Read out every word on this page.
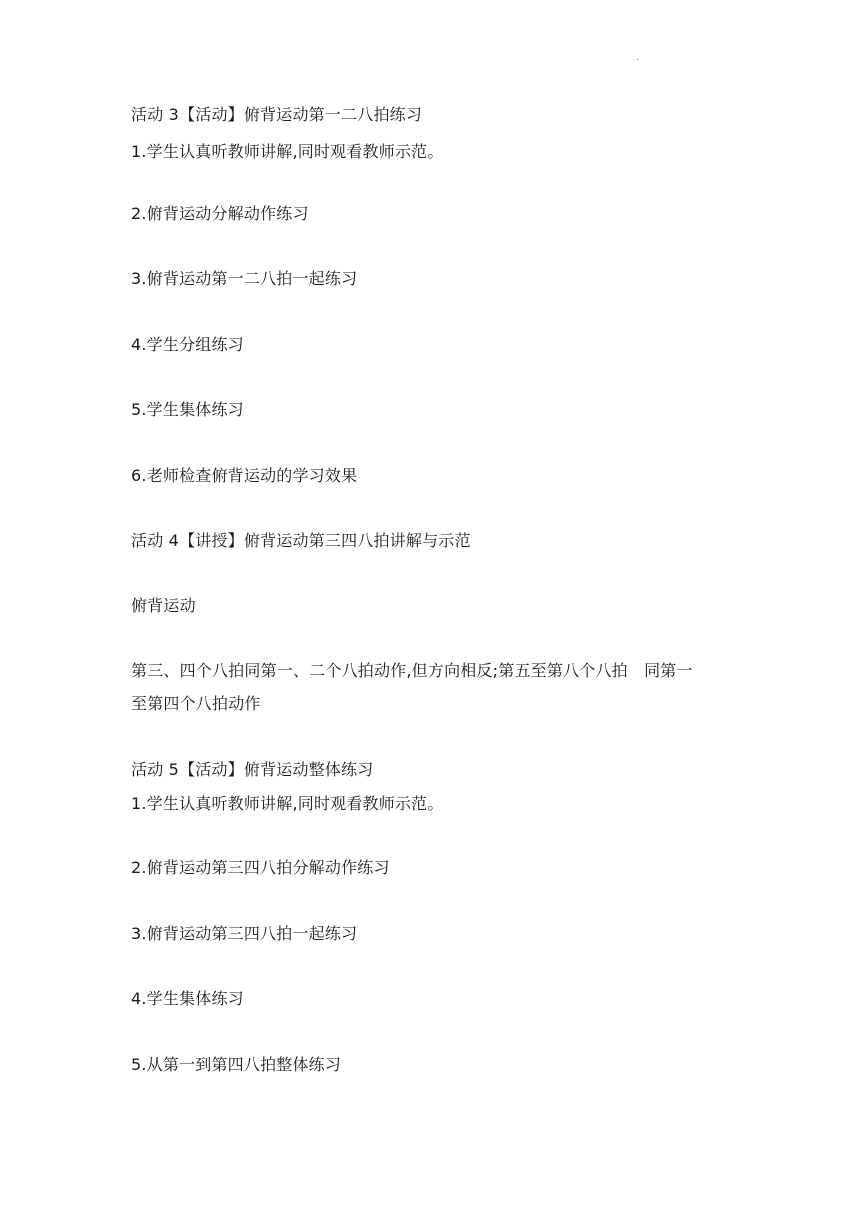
·
活动 3【活动】俯背运动第一二八拍练习
1.学生认真听教师讲解,同时观看教师示范。
2.俯背运动分解动作练习
3.俯背运动第一二八拍一起练习
4.学生分组练习
5.学生集体练习
6.老师检查俯背运动的学习效果
活动 4【讲授】俯背运动第三四八拍讲解与示范
俯背运动
第三、四个八拍同第一、二个八拍动作,但方向相反;第五至第八个八拍　同第一
至第四个八拍动作
活动 5【活动】俯背运动整体练习
1.学生认真听教师讲解,同时观看教师示范。
2.俯背运动第三四八拍分解动作练习
3.俯背运动第三四八拍一起练习
4.学生集体练习
5.从第一到第四八拍整体练习
